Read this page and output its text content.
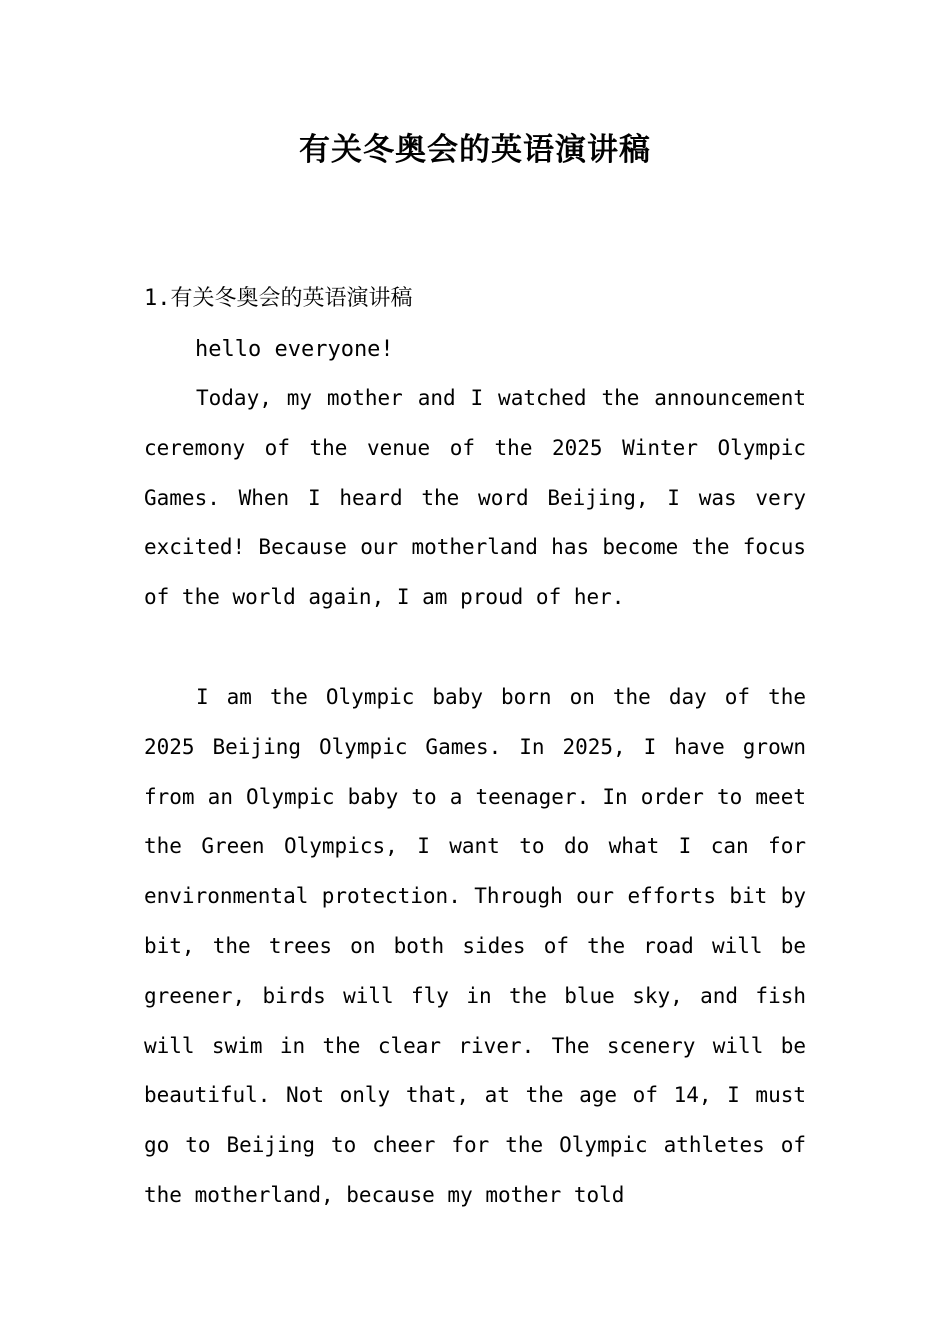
有关冬奥会的英语演讲稿
1.有关冬奥会的英语演讲稿
hello everyone!

Today, my mother and I watched the announcement ceremony of the venue of the 2025 Winter Olympic Games. When I heard the word Beijing, I was very excited! Because our motherland has become the focus of the world again, I am proud of her.

I am the Olympic baby born on the day of the 2025 Beijing Olympic Games. In 2025, I have grown from an Olympic baby to a teenager. In order to meet the Green Olympics, I want to do what I can for environmental protection. Through our efforts bit by bit, the trees on both sides of the road will be greener, birds will fly in the blue sky, and fish will swim in the clear river. The scenery will be beautiful. Not only that, at the age of 14, I must go to Beijing to cheer for the Olympic athletes of the motherland, because my mother told
